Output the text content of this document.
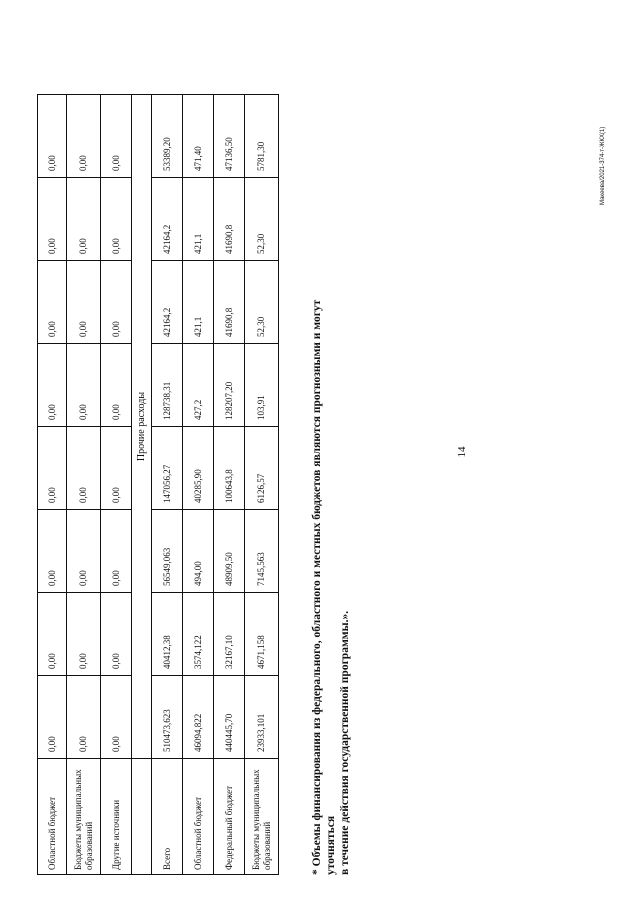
14
Областной бюджет	0,00	0,00	0,00	0,00	0,00	0,00	0,00	0,00
Бюджеты муниципальных образований	0,00	0,00	0,00	0,00	0,00	0,00	0,00	0,00
Другие источники	0,00	0,00	0,00	0,00	0,00	0,00	0,00	0,00
	Прочие расходы							
Всего	510473,623	40412,38	56549,063	147056,27	128738,31	42164,2	42164,2	53389,20
Областной бюджет	46094,822	3574,122	494,00	40285,90	427,2	421,1	421,1	471,40
Федеральный бюджет	440445,70	32167,10	48909,50	100643,8	128207,20	41690,8	41690,8	47136,50
Бюджеты муниципальных образований	23933,101	4671,158	7145,563	6126,57	103,91	52,30	52,30	5781,30
* Объемы финансирования из федерального, областного и местных бюджетов являются прогнозными и могут уточняться в течение действия государственной программы.».
Макеева/2021-374-т-ЖКХ(1)
